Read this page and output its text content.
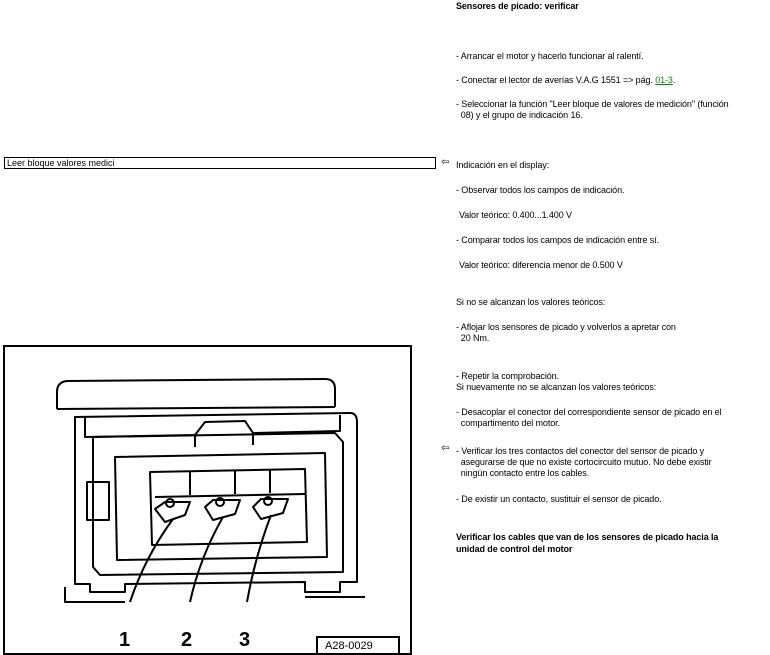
Sensores de picado: verificar
- Arrancar el motor y hacerlo funcionar al ralentí.
- Conectar el lector de averías V.A.G 1551 => pág. 01-3.
- Seleccionar la función "Leer bloque de valores de medición" (función
08) y el grupo de indicación 16.
Leer bloque valores medici	⇦ Indicación en el display:
- Observar todos los campos de indicación.
Valor teórico: 0.400...1.400 V
- Comparar todos los campos de indicación entre sí.
Valor teórico: diferencia menor de 0.500 V
Si no se alcanzan los valores teóricos:
- Aflojar los sensores de picado y volverlos a apretar con
20 Nm.
- Repetir la comprobación.
Si nuevamente no se alcanzan los valores teóricos:
- Desacoplar el conector del correspondiente sensor de picado en el
compartimento del motor.
⇦ - Verificar los tres contactos del conector del sensor de picado y
asegurarse de que no existe cortocircuito mutuo. No debe existir
ningún contacto entre los cables.
- De existir un contacto, sustituir el sensor de picado.
Verificar los cables que van de los sensores de picado hacia la
unidad de control del motor
1	2 3	A28-0029
